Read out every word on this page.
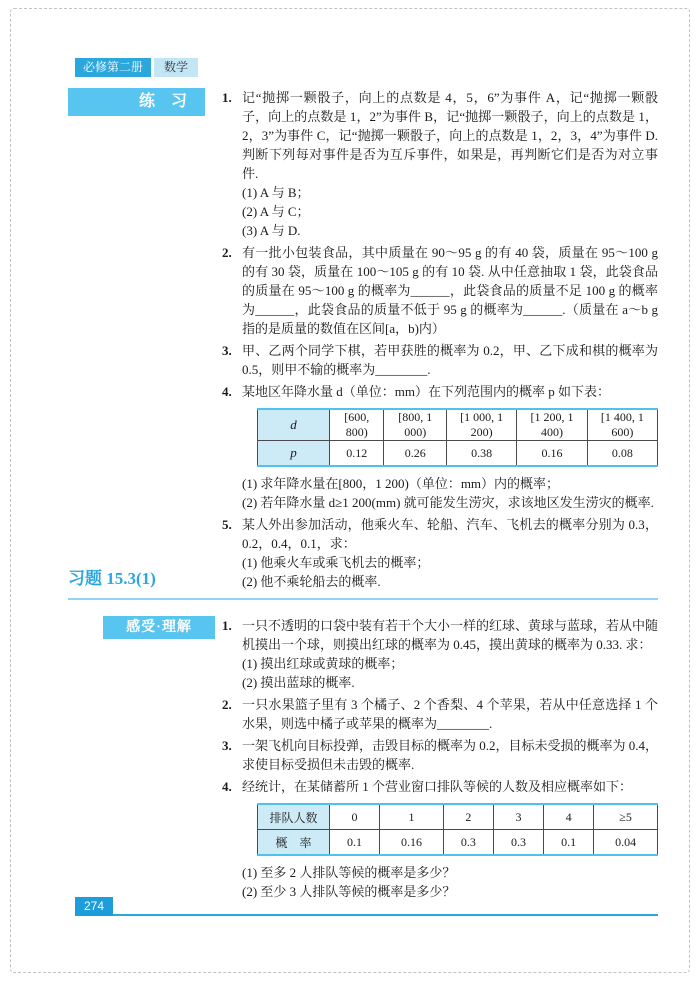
必修第二册	数学
练　习	1. 记“抛掷一颗骰子，向上的点数是 4，5，6”为事件 A，记“抛掷一颗骰子，向上的点数是 1，2”为事件 B，记“抛掷一颗骰子，向上的点数是 1，2，3”为事件 C，记“抛掷一颗骰子，向上的点数是 1，2，3，4”为事件 D. 判断下列每对事件是否为互斥事件，如果是，再判断它们是否为对立事件.

(1) A 与 B；

(2) A 与 C；

(3) A 与 D.

2. 有一批小包装食品，其中质量在 90～95 g 的有 40 袋，质量在 95～100 g 的有 30 袋，质量在 100～105 g 的有 10 袋. 从中任意抽取 1 袋，此袋食品的质量在 95～100 g 的概率为______，此袋食品的质量不足 100 g 的概率为______，此袋食品的质量不低于 95 g 的概率为______.（质量在 a～b g 指的是质量的数值在区间[a，b)内）

3. 甲、乙两个同学下棋，若甲获胜的概率为 0.2，甲、乙下成和棋的概率为 0.5，则甲不输的概率为________.

4. 某地区年降水量 d（单位：mm）在下列范围内的概率 p 如下表：

d	[600, 800)	[800, 1 000)	[1 000, 1 200)	[1 200, 1 400)	[1 400, 1 600)
p	0.12	0.26	0.38	0.16	0.08

(1) 求年降水量在[800，1 200)（单位：mm）内的概率；

(2) 若年降水量 d≥1 200(mm) 就可能发生涝灾，求该地区发生涝灾的概率.

5. 某人外出参加活动，他乘火车、轮船、汽车、飞机去的概率分别为 0.3，0.2，0.4，0.1，求：

(1) 他乘火车或乘飞机去的概率；

(2) 他不乘轮船去的概率.

习题 15.3(1)
感受·理解	1. 一只不透明的口袋中装有若干个大小一样的红球、黄球与蓝球，若从中随机摸出一个球，则摸出红球的概率为 0.45，摸出黄球的概率为 0.33. 求：

(1) 摸出红球或黄球的概率；

(2) 摸出蓝球的概率.

2. 一只水果篮子里有 3 个橘子、2 个香梨、4 个苹果，若从中任意选择 1 个水果，则选中橘子或苹果的概率为________.

3. 一架飞机向目标投弹，击毁目标的概率为 0.2，目标未受损的概率为 0.4，求使目标受损但未击毁的概率.

4. 经统计，在某储蓄所 1 个营业窗口排队等候的人数及相应概率如下：

排队人数	0	1	2	3	4	≥5
概　率	0.1	0.16	0.3	0.3	0.1	0.04

(1) 至多 2 人排队等候的概率是多少？

(2) 至少 3 人排队等候的概率是多少？

274
